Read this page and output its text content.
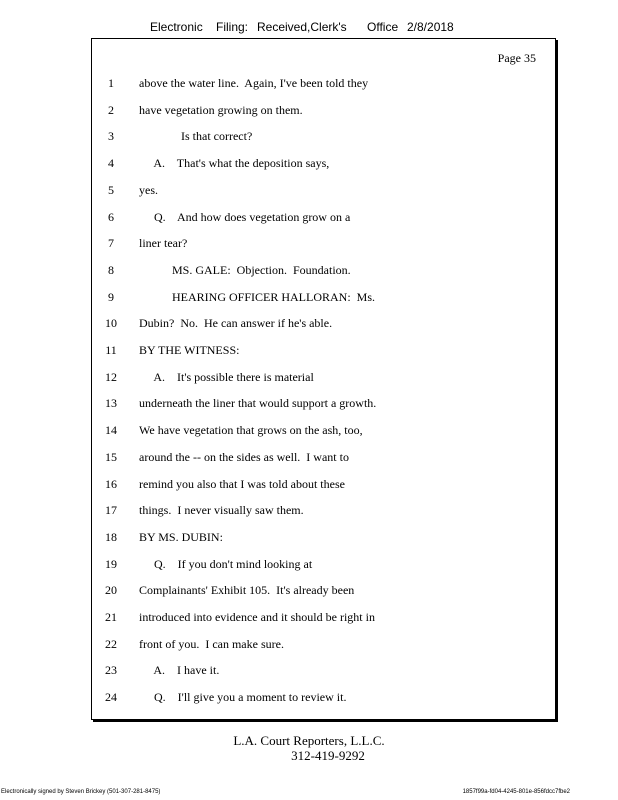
Electronic Filing: Received,Clerk's Office 2/8/2018
Page 35
1	above the water line.  Again, I've been told they
2	have vegetation growing on them.
3	Is that correct?
4	A.    That's what the deposition says,
5	yes.
6	Q.    And how does vegetation grow on a
7	liner tear?
8	MS. GALE:  Objection.  Foundation.
9	HEARING OFFICER HALLORAN:  Ms.
10	Dubin?  No.  He can answer if he's able.
11	BY THE WITNESS:
12	A.    It's possible there is material
13	underneath the liner that would support a growth.
14	We have vegetation that grows on the ash, too,
15	around the -- on the sides as well.  I want to
16	remind you also that I was told about these
17	things.  I never visually saw them.
18	BY MS. DUBIN:
19	Q.    If you don't mind looking at
20	Complainants' Exhibit 105.  It's already been
21	introduced into evidence and it should be right in
22	front of you.  I can make sure.
23	A.    I have it.
24	Q.    I'll give you a moment to review it.
L.A. Court Reporters, L.L.C.
312-419-9292
Electronically signed by Steven Brickey (501-307-281-8475)	1857f99a-fd04-4245-801e-856fdcc7fbe2
